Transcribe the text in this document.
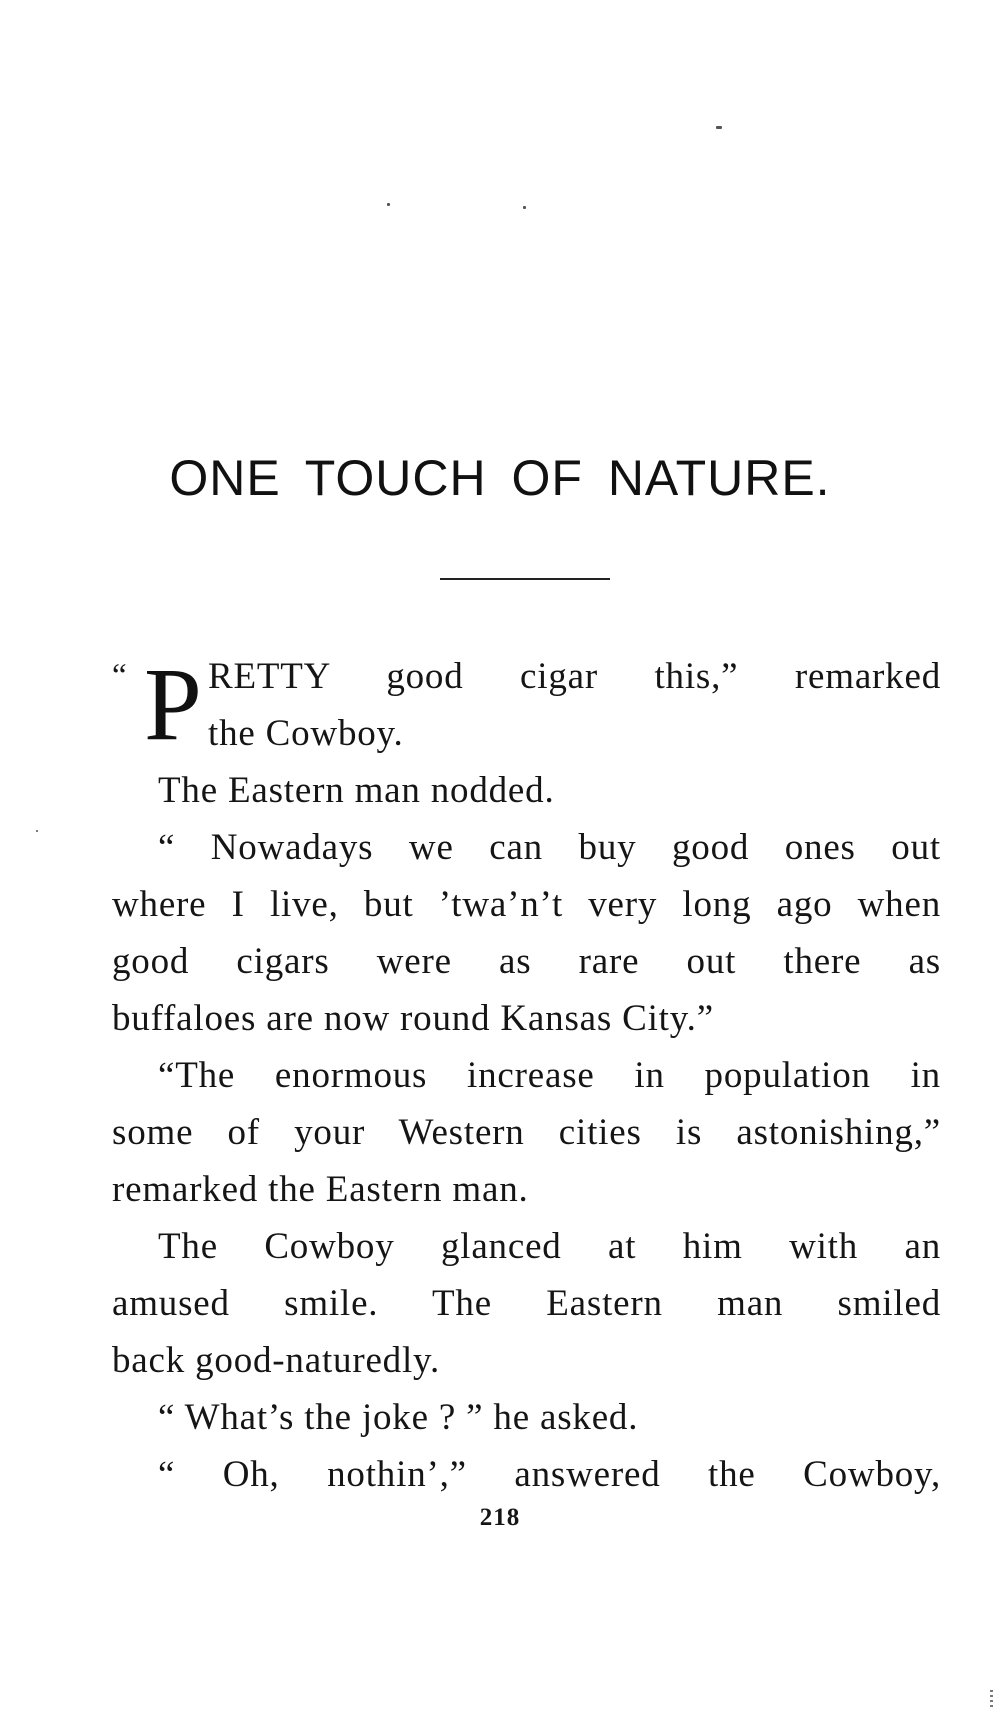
ONE TOUCH OF NATURE.
“ P RETTY good cigar this,” remarked
the Cowboy.
The Eastern man nodded.
“ Nowadays we can buy good ones out
where I live, but ’twa’n’t very long ago when
good cigars were as rare out there as
buffaloes are now round Kansas City.”
“The enormous increase in population in
some of your Western cities is astonishing,”
remarked the Eastern man.
The Cowboy glanced at him with an
amused smile. The Eastern man smiled
back good-naturedly.
“ What’s the joke ? ” he asked.
“ Oh, nothin’,” answered the Cowboy,
218
